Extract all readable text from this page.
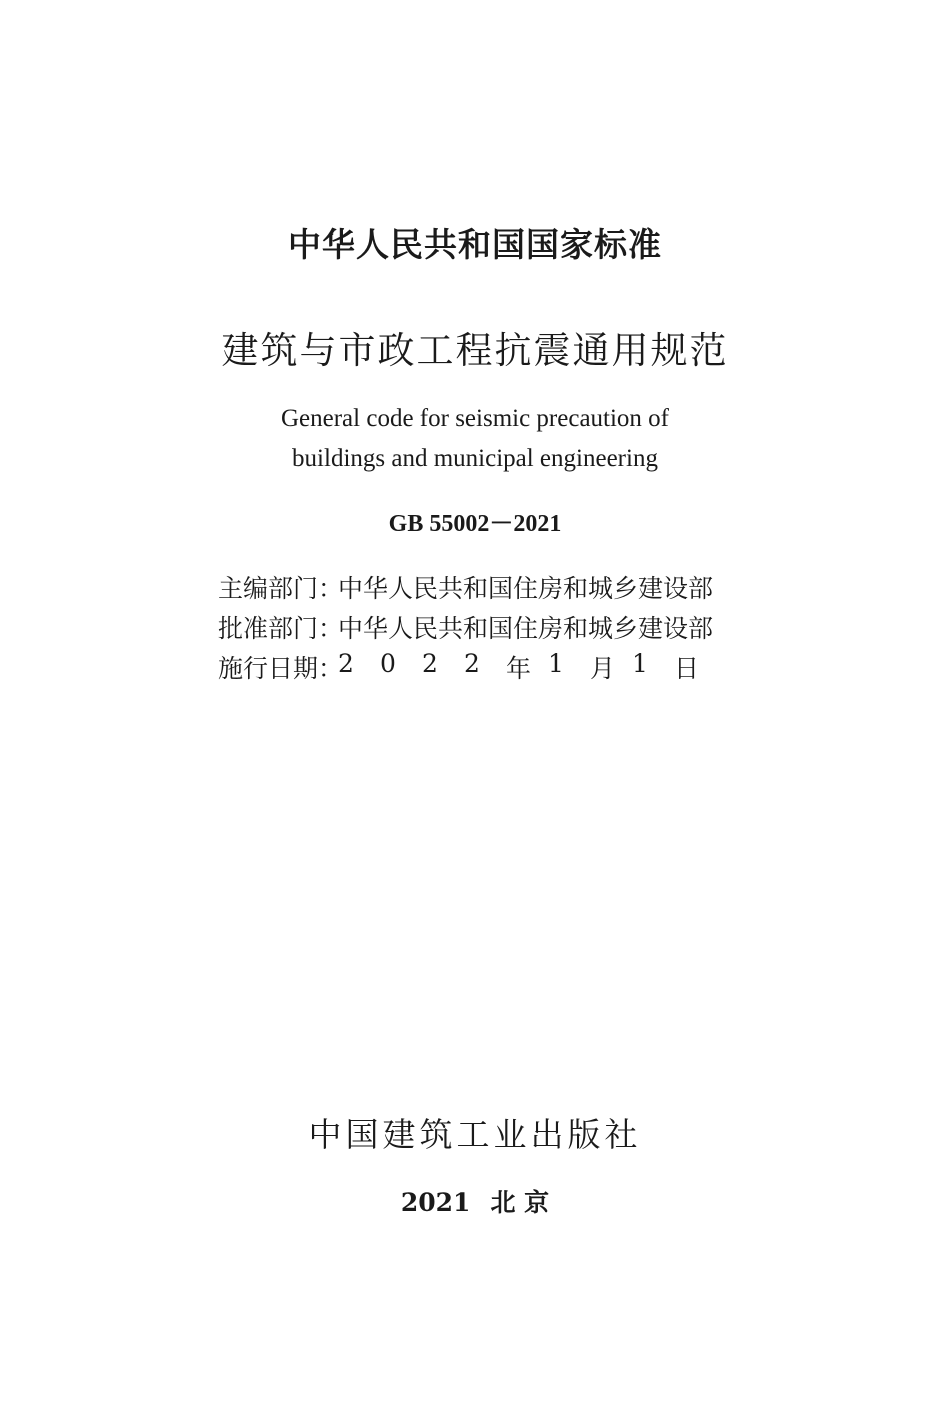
中华人民共和国国家标准
建筑与市政工程抗震通用规范
General code for seismic precaution of
buildings and municipal engineering
GB 55002－2021
主编部门 ：
中华人民共和国住房和城乡建设部
批准部门 ：
中华人民共和国住房和城乡建设部
施行日期 ：
2	0	2	2	年 1	月 1	日
中国建筑工业出版社
2021 北 京
